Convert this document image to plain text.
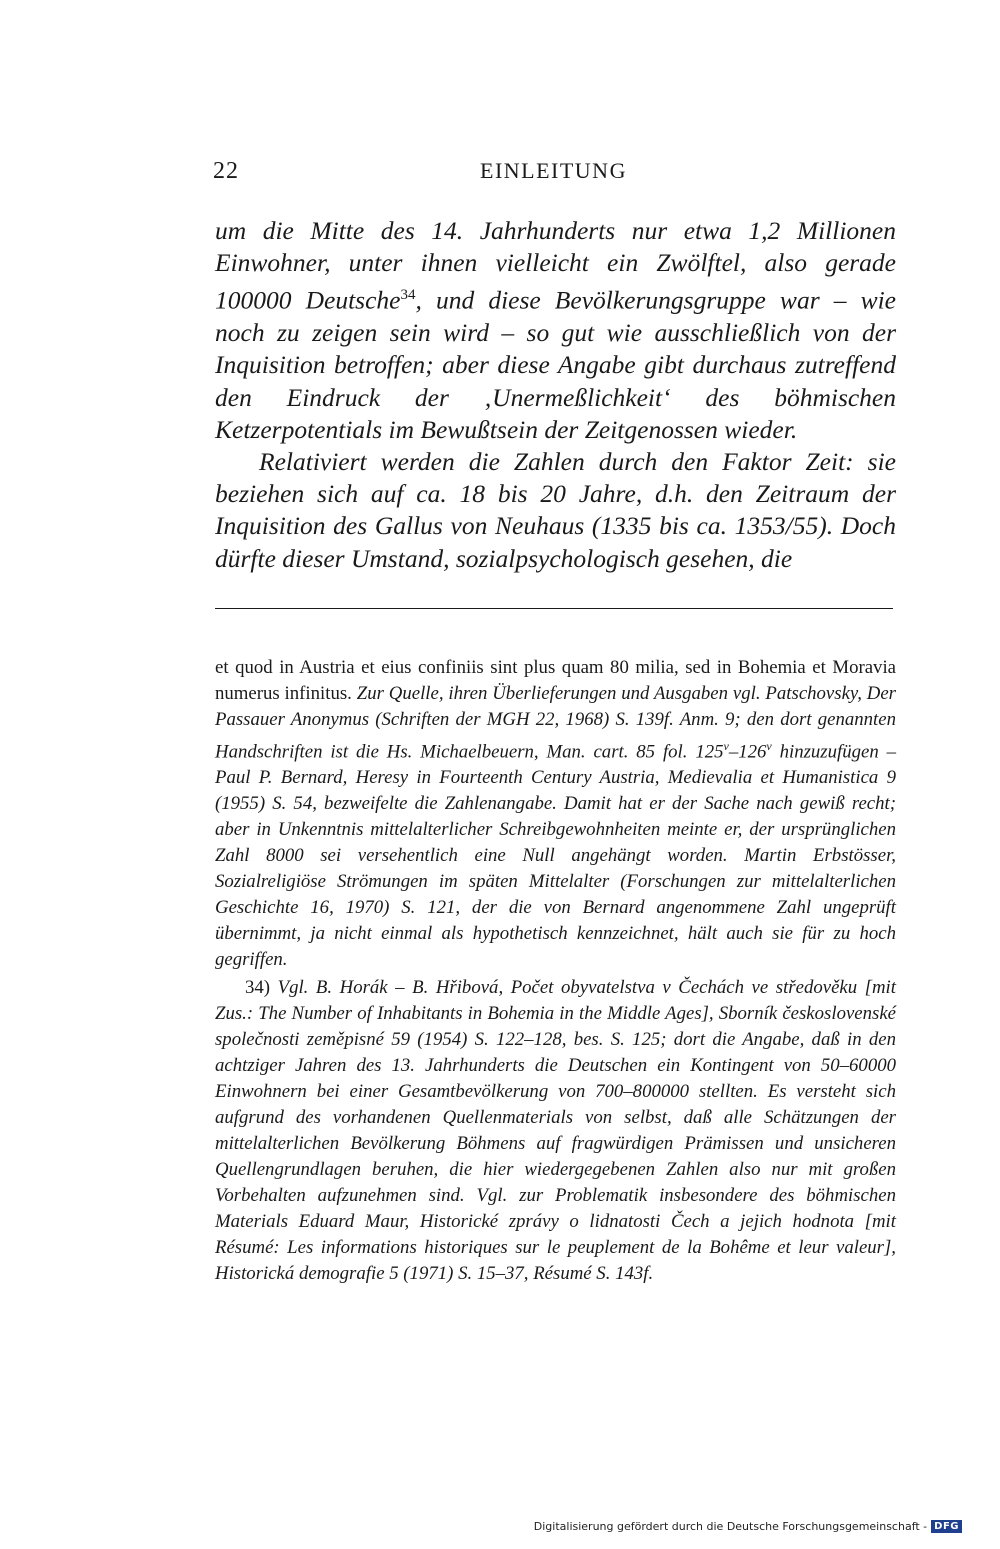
22	EINLEITUNG

um die Mitte des 14. Jahrhunderts nur etwa 1,2 Millionen Einwohner, unter ihnen vielleicht ein Zwölftel, also gerade 100000 Deutsche$^{34}$, und diese Bevölkerungsgruppe war – wie noch zu zeigen sein wird – so gut wie ausschließlich von der Inquisition betroffen; aber diese Angabe gibt durchaus zutreffend den Eindruck der ‚Unermeßlichkeit‘ des böhmischen Ketzerpotentials im Bewußtsein der Zeitgenossen wieder.

Relativiert werden die Zahlen durch den Faktor Zeit: sie beziehen sich auf ca. 18 bis 20 Jahre, d.h. den Zeitraum der Inquisition des Gallus von Neuhaus (1335 bis ca. 1353/55). Doch dürfte dieser Umstand, sozialpsychologisch gesehen, die

et quod in Austria et eius confiniis sint plus quam 80 milia, sed in Bohemia et Moravia numerus infinitus. Zur Quelle, ihren Überlieferungen und Ausgaben vgl. Patschovsky, Der Passauer Anonymus (Schriften der MGH 22, 1968) S. 139f. Anm. 9; den dort genannten Handschriften ist die Hs. Michaelbeuern, Man. cart. 85 fol. 125$^v$–126$^v$ hinzuzufügen – Paul P. Bernard, Heresy in Fourteenth Century Austria, Medievalia et Humanistica 9 (1955) S. 54, bezweifelte die Zahlenangabe. Damit hat er der Sache nach gewiß recht; aber in Unkenntnis mittelalterlicher Schreibgewohnheiten meinte er, der ursprünglichen Zahl 8000 sei versehentlich eine Null angehängt worden. Martin Erbstösser, Sozialreligiöse Strömungen im späten Mittelalter (Forschungen zur mittelalterlichen Geschichte 16, 1970) S. 121, der die von Bernard angenommene Zahl ungeprüft übernimmt, ja nicht einmal als hypothetisch kennzeichnet, hält auch sie für zu hoch gegriffen.

34) Vgl. B. Horák – B. Hřibová, Počet obyvatelstva v Čechách ve středověku [mit Zus.: The Number of Inhabitants in Bohemia in the Middle Ages], Sborník československé společnosti zeměpisné 59 (1954) S. 122–128, bes. S. 125; dort die Angabe, daß in den achtziger Jahren des 13. Jahrhunderts die Deutschen ein Kontingent von 50–60000 Einwohnern bei einer Gesamtbevölkerung von 700–800000 stellten. Es versteht sich aufgrund des vorhandenen Quellenmaterials von selbst, daß alle Schätzungen der mittelalterlichen Bevölkerung Böhmens auf fragwürdigen Prämissen und unsicheren Quellengrundlagen beruhen, die hier wiedergegebenen Zahlen also nur mit großen Vorbehalten aufzunehmen sind. Vgl. zur Problematik insbesondere des böhmischen Materials Eduard Maur, Historické zprávy o lidnatosti Čech a jejich hodnota [mit Résumé: Les informations historiques sur le peuplement de la Bohême et leur valeur], Historická demografie 5 (1971) S. 15–37, Résumé S. 143f.

Digitalisierung gefördert durch die Deutsche Forschungsgemeinschaft - DFG
